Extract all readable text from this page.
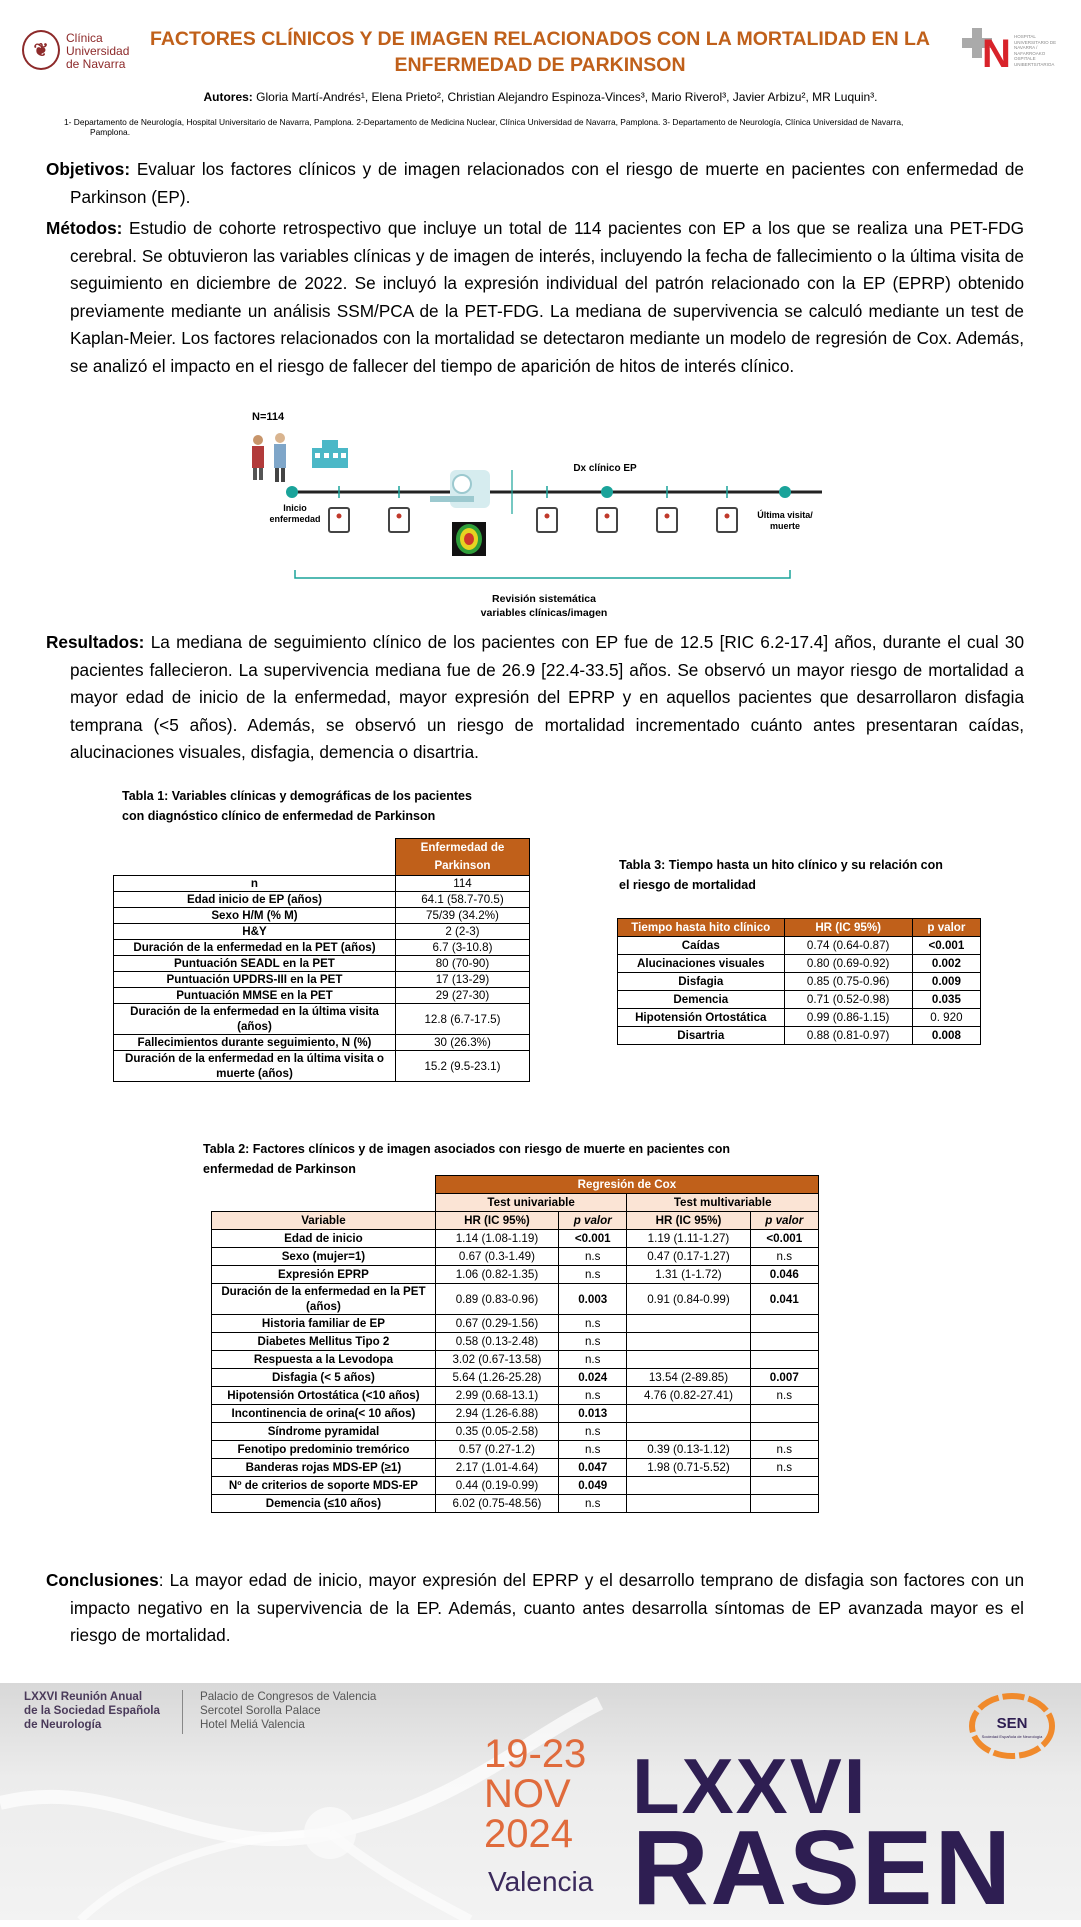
❦
Clínica
Universidad
de Navarra
FACTORES CLÍNICOS Y DE IMAGEN RELACIONADOS CON LA MORTALIDAD EN LA
ENFERMEDAD DE PARKINSON	N HOSPITAL UNIVERSITARIO DE NAVARRA / NAFARROAKO OSPITALE UNIBERTSITARIOA
Autores: Gloria Martí-Andrés¹, Elena Prieto², Christian Alejandro Espinoza-Vinces³, Mario Riverol³, Javier Arbizu², MR Luquin³.
1- Departamento de Neurología, Hospital Universitario de Navarra, Pamplona. 2-Departamento de Medicina Nuclear, Clínica Universidad de Navarra, Pamplona. 3- Departamento de Neurología, Clínica Universidad de Navarra,
Pamplona.
Objetivos: Evaluar los factores clínicos y de imagen relacionados con el riesgo de muerte en pacientes con enfermedad de Parkinson (EP).
Métodos: Estudio de cohorte retrospectivo que incluye un total de 114 pacientes con EP a los que se realiza una PET-FDG cerebral. Se obtuvieron las variables clínicas y de imagen de interés, incluyendo la fecha de fallecimiento o la última visita de seguimiento en diciembre de 2022. Se incluyó la expresión individual del patrón relacionado con la EP (EPRP) obtenido previamente mediante un análisis SSM/PCA de la PET-FDG. La mediana de supervivencia se calculó mediante un test de Kaplan-Meier. Los factores relacionados con la mortalidad se detectaron mediante un modelo de regresión de Cox. Además, se analizó el impacto en el riesgo de fallecer del tiempo de aparición de hitos de interés clínico.
N=114
Inicio
enfermedad	Última visita/
muerte
Dx clínico EP
Revisión sistemática
variables clínicas/imagen
Resultados: La mediana de seguimiento clínico de los pacientes con EP fue de 12.5 [RIC 6.2-17.4] años, durante el cual 30 pacientes fallecieron. La supervivencia mediana fue de 26.9 [22.4-33.5] años. Se observó un mayor riesgo de mortalidad a mayor edad de inicio de la enfermedad, mayor expresión del EPRP y en aquellos pacientes que desarrollaron disfagia temprana (<5 años). Además, se observó un riesgo de mortalidad incrementado cuánto antes presentaran caídas, alucinaciones visuales, disfagia, demencia o disartria.
Tabla 1: Variables clínicas y demográficas de los pacientes
con diagnóstico clínico de enfermedad de Parkinson
	Enfermedad de Parkinson
n	114
Edad inicio de EP (años)	64.1 (58.7-70.5)
Sexo H/M (% M)	75/39 (34.2%)
H&Y	2 (2-3)
Duración de la enfermedad en la PET (años)	6.7 (3-10.8)
Puntuación SEADL en la PET	80 (70-90)
Puntuación UPDRS-III en la PET	17 (13-29)
Puntuación MMSE en la PET	29 (27-30)
Duración de la enfermedad en la última visita (años)	12.8 (6.7-17.5)
Fallecimientos durante seguimiento, N (%)	30 (26.3%)
Duración de la enfermedad en la última visita o muerte (años)	15.2 (9.5-23.1)
Tabla 3: Tiempo hasta un hito clínico y su relación con
el riesgo de mortalidad
Tiempo hasta hito clínico	HR (IC 95%)	p valor
Caídas	0.74 (0.64-0.87)	<0.001
Alucinaciones visuales	0.80 (0.69-0.92)	0.002
Disfagia	0.85 (0.75-0.96)	0.009
Demencia	0.71 (0.52-0.98)	0.035
Hipotensión Ortostática	0.99 (0.86-1.15)	0. 920
Disartria	0.88 (0.81-0.97)	0.008
Tabla 2: Factores clínicos y de imagen asociados con riesgo de muerte en pacientes con
enfermedad de Parkinson
	Regresión de Cox			
	Test univariable		Test multivariable	
Variable	HR (IC 95%)	p valor	HR (IC 95%)	p valor
Edad de inicio	1.14 (1.08-1.19)	<0.001	1.19 (1.11-1.27)	<0.001
Sexo (mujer=1)	0.67 (0.3-1.49)	n.s	0.47 (0.17-1.27)	n.s
Expresión EPRP	1.06 (0.82-1.35)	n.s	1.31 (1-1.72)	0.046
Duración de la enfermedad en la PET (años)	0.89 (0.83-0.96)	0.003	0.91 (0.84-0.99)	0.041
Historia familiar de EP	0.67 (0.29-1.56)	n.s		
Diabetes Mellitus Tipo 2	0.58 (0.13-2.48)	n.s		
Respuesta a la Levodopa	3.02 (0.67-13.58)	n.s		
Disfagia (< 5 años)	5.64 (1.26-25.28)	0.024	13.54 (2-89.85)	0.007
Hipotensión Ortostática (<10 años)	2.99 (0.68-13.1)	n.s	4.76 (0.82-27.41)	n.s
Incontinencia de orina(< 10 años)	2.94 (1.26-6.88)	0.013		
Síndrome pyramidal	0.35 (0.05-2.58)	n.s		
Fenotipo predominio tremórico	0.57 (0.27-1.2)	n.s	0.39 (0.13-1.12)	n.s
Banderas rojas MDS-EP (≥1)	2.17 (1.01-4.64)	0.047	1.98 (0.71-5.52)	n.s
Nº de criterios de soporte MDS-EP	0.44 (0.19-0.99)	0.049		
Demencia (≤10 años)	6.02 (0.75-48.56)	n.s		
Conclusiones: La mayor edad de inicio, mayor expresión del EPRP y el desarrollo temprano de disfagia son factores con un impacto negativo en la supervivencia de la EP. Además, cuanto antes desarrolla síntomas de EP avanzada mayor es el riesgo de mortalidad.
LXXVI Reunión Anual
de la Sociedad Española
de Neurología
Palacio de Congresos de Valencia
Sercotel Sorolla Palace
Hotel Meliá Valencia
19-23
NOV
2024
Valencia
LXXVI
RASEN
SEN
Sociedad Española de Neurología
